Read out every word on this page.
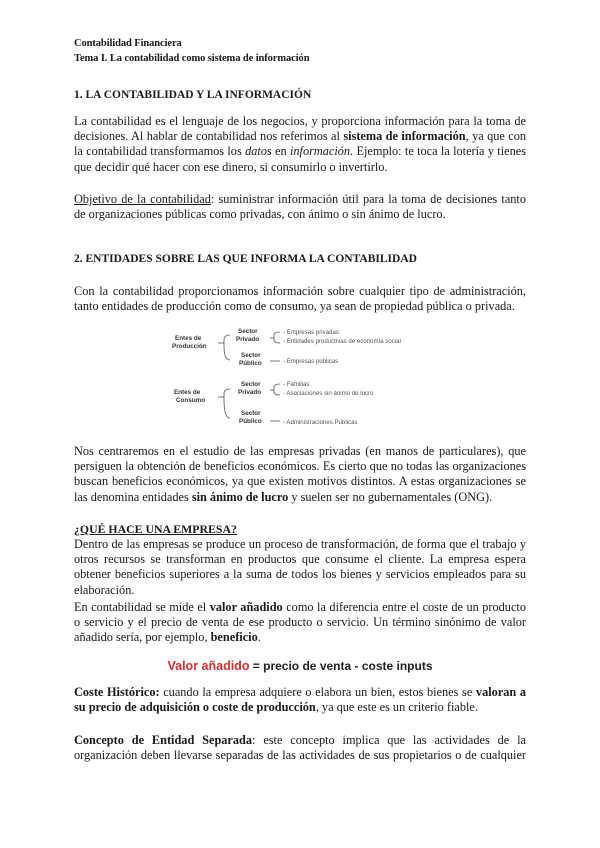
Contabilidad Financiera
Tema I. La contabilidad como sistema de información
1. LA CONTABILIDAD Y LA INFORMACIÓN
La contabilidad es el lenguaje de los negocios, y proporciona información para la toma de decisiones. Al hablar de contabilidad nos referimos al sistema de información, ya que con la contabilidad transformamos los datos en información. Ejemplo: te toca la lotería y tienes que decidir qué hacer con ese dinero, si consumirlo o invertirlo.
Objetivo de la contabilidad: suministrar información útil para la toma de decisiones tanto de organizaciones públicas como privadas, con ánimo o sin ánimo de lucro.
2. ENTIDADES SOBRE LAS QUE INFORMA LA CONTABILIDAD
Con la contabilidad proporcionamos información sobre cualquier tipo de administración, tanto entidades de producción como de consumo, ya sean de propiedad pública o privada.
Entes de
Producción
Sector
Privado
Sector
Público
Entes de
Consumo
Sector
Privado
Sector
Público
- Empresas privadas
- Entidades productivas de economía social
- Empresas públicas
- Familias
- Asociaciones sin ánimo de lucro
- Administraciones Públicas
Nos centraremos en el estudio de las empresas privadas (en manos de particulares), que persiguen la obtención de beneficios económicos. Es cierto que no todas las organizaciones buscan beneficios económicos, ya que existen motivos distintos. A estas organizaciones se las denomina entidades sin ánimo de lucro y suelen ser no gubernamentales (ONG).
¿QUÉ HACE UNA EMPRESA?
Dentro de las empresas se produce un proceso de transformación, de forma que el trabajo y otros recursos se transforman en productos que consume el cliente. La empresa espera obtener beneficios superiores a la suma de todos los bienes y servicios empleados para su elaboración.
En contabilidad se mide el valor añadido como la diferencia entre el coste de un producto o servicio y el precio de venta de ese producto o servicio. Un término sinónimo de valor añadido sería, por ejemplo, beneficio.
Valor añadido = precio de venta - coste inputs
Coste Histórico: cuando la empresa adquiere o elabora un bien, estos bienes se valoran a su precio de adquisición o coste de producción, ya que este es un criterio fiable.
Concepto de Entidad Separada: este concepto implica que las actividades de la organización deben llevarse separadas de las actividades de sus propietarios o de cualquier
